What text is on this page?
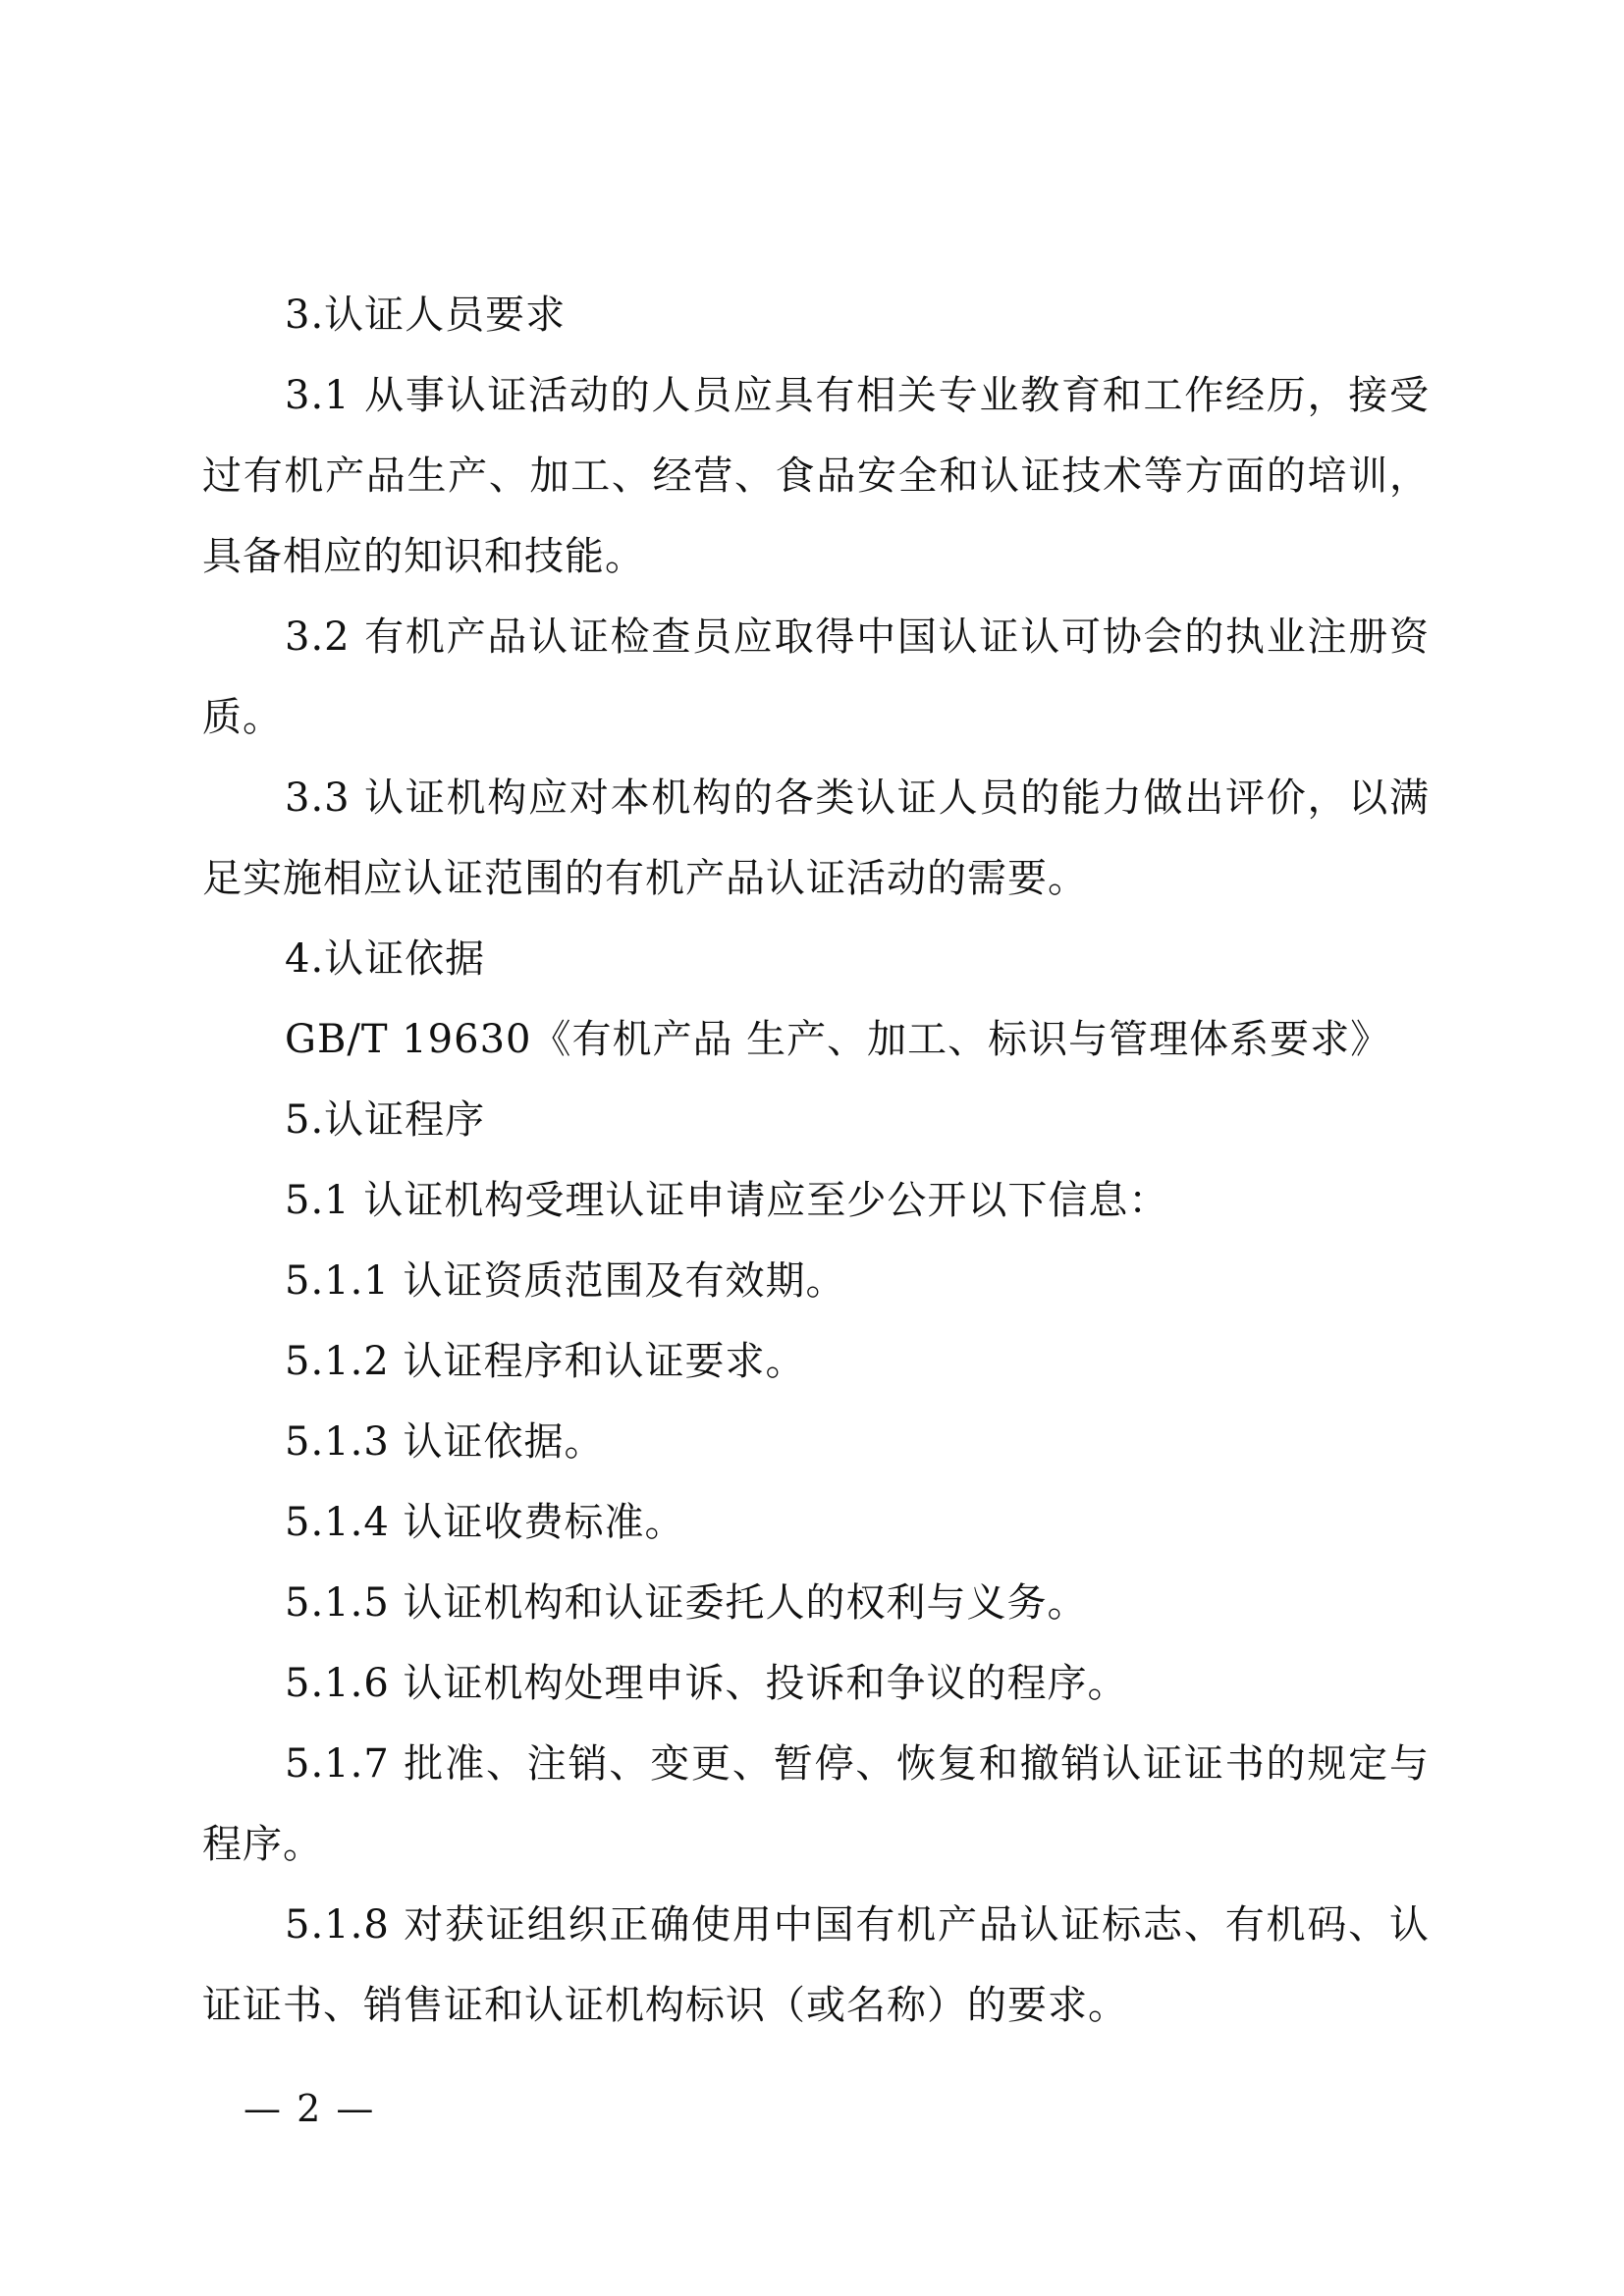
3.认证人员要求

3.1 从事认证活动的人员应具有相关专业教育和工作经历，接受过有机产品生产、加工、经营、食品安全和认证技术等方面的培训，具备相应的知识和技能。

3.2 有机产品认证检查员应取得中国认证认可协会的执业注册资质。

3.3 认证机构应对本机构的各类认证人员的能力做出评价，以满足实施相应认证范围的有机产品认证活动的需要。

4.认证依据

GB/T 19630《有机产品 生产、加工、标识与管理体系要求》

5.认证程序

5.1 认证机构受理认证申请应至少公开以下信息：

5.1.1 认证资质范围及有效期。

5.1.2 认证程序和认证要求。

5.1.3 认证依据。

5.1.4 认证收费标准。

5.1.5 认证机构和认证委托人的权利与义务。

5.1.6 认证机构处理申诉、投诉和争议的程序。

5.1.7 批准、注销、变更、暂停、恢复和撤销认证证书的规定与程序。

5.1.8 对获证组织正确使用中国有机产品认证标志、有机码、认证证书、销售证和认证机构标识（或名称）的要求。

— 2 —
